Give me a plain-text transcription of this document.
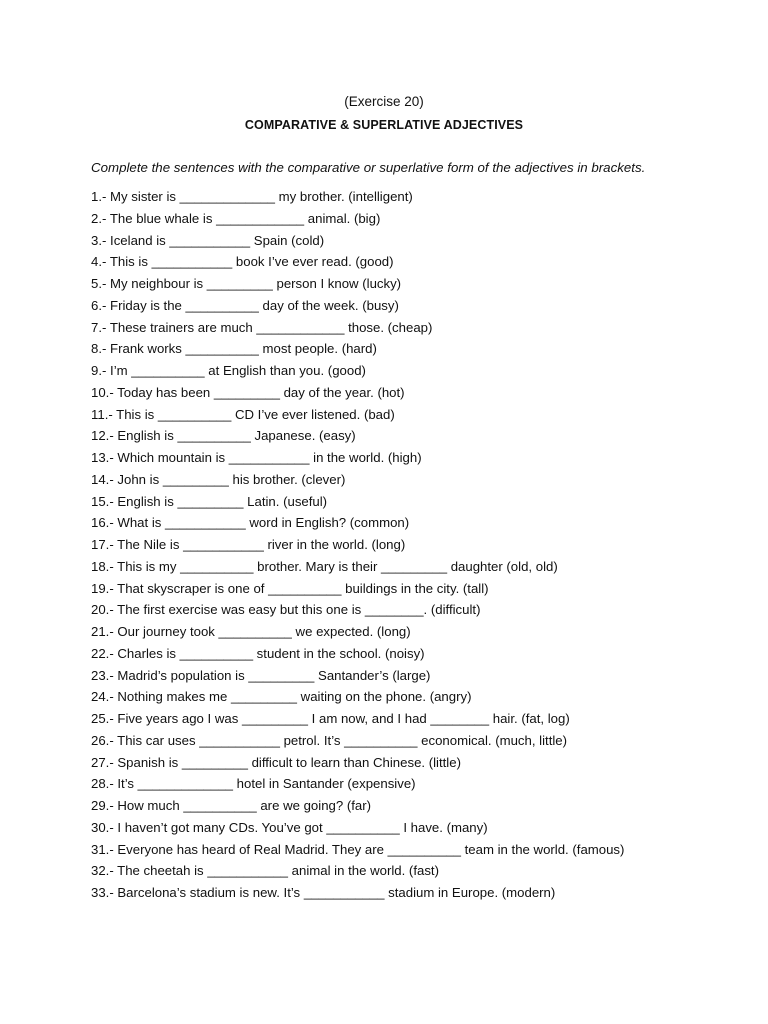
(Exercise 20)
COMPARATIVE & SUPERLATIVE ADJECTIVES
Complete the sentences with the comparative or superlative form of the adjectives in brackets.
1.- My sister is _____________ my brother. (intelligent)
2.- The blue whale is ____________ animal. (big)
3.- Iceland is ___________ Spain (cold)
4.- This is ___________ book I’ve ever read. (good)
5.- My neighbour is _________ person I know (lucky)
6.- Friday is the __________ day of the week. (busy)
7.- These trainers are much ____________ those. (cheap)
8.- Frank works __________ most people. (hard)
9.- I’m __________ at English than you. (good)
10.- Today has been _________ day of the year. (hot)
11.- This is __________ CD I’ve ever listened. (bad)
12.- English is __________ Japanese. (easy)
13.- Which mountain is ___________ in the world. (high)
14.- John is _________ his brother. (clever)
15.- English is _________ Latin. (useful)
16.- What is ___________ word in English? (common)
17.- The Nile is ___________ river in the world. (long)
18.- This is my __________ brother. Mary is their _________ daughter (old, old)
19.- That skyscraper is one of __________ buildings in the city. (tall)
20.- The first exercise was easy but this one is ________. (difficult)
21.- Our journey took __________ we expected. (long)
22.- Charles is __________ student in the school. (noisy)
23.- Madrid’s population is _________ Santander’s (large)
24.- Nothing makes me _________ waiting on the phone. (angry)
25.- Five years ago I was _________ I am now, and I had ________ hair. (fat, log)
26.- This car uses ___________ petrol. It’s __________ economical. (much, little)
27.- Spanish is _________ difficult to learn than Chinese. (little)
28.- It’s _____________ hotel in Santander (expensive)
29.- How much __________ are we going? (far)
30.- I haven’t got many CDs. You’ve got __________ I have. (many)
31.- Everyone has heard of Real Madrid. They are __________ team in the world. (famous)
32.- The cheetah is ___________ animal in the world. (fast)
33.- Barcelona’s stadium is new. It’s ___________ stadium in Europe. (modern)
